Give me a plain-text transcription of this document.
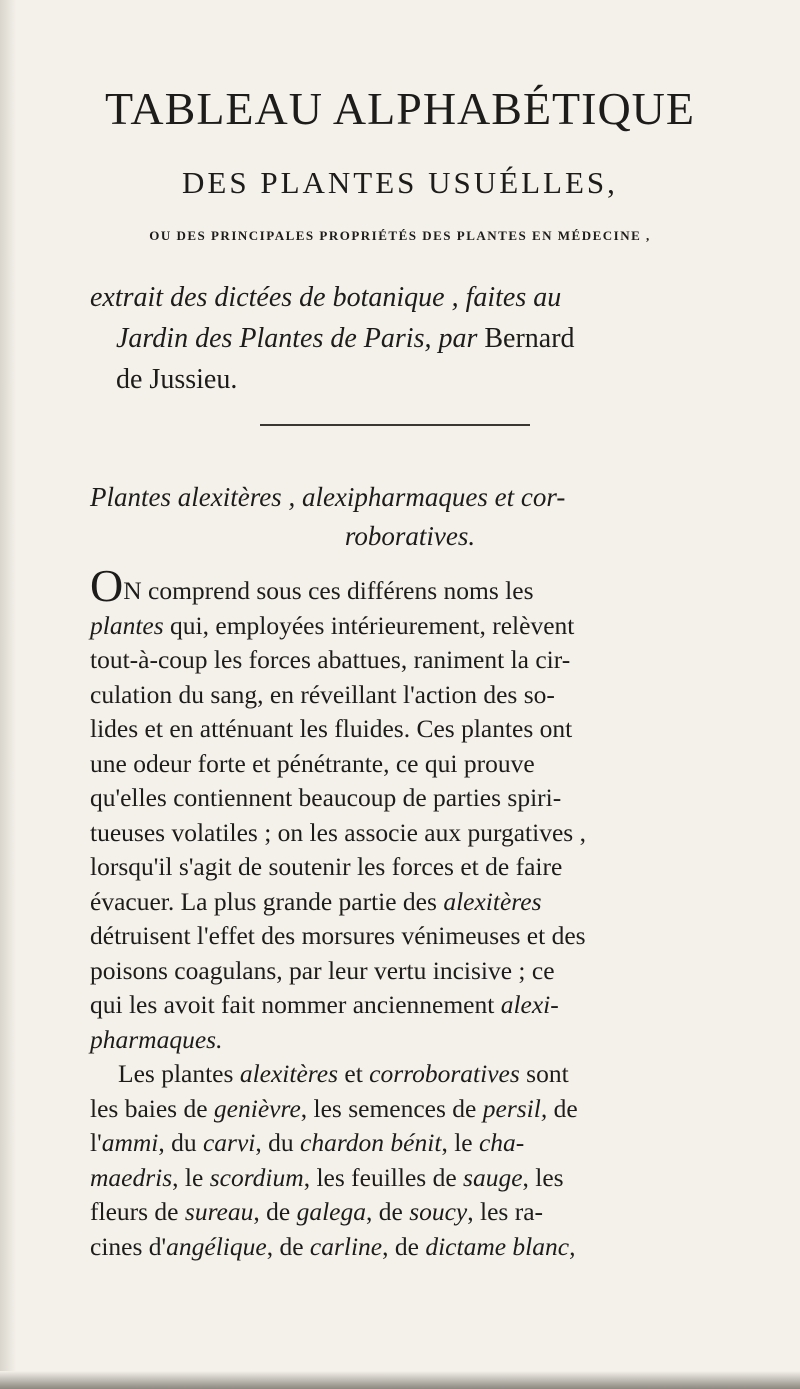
TABLEAU ALPHABÉTIQUE
DES PLANTES USUÉLLES,

OU DES PRINCIPALES PROPRIÉTÉS DES PLANTES EN MÉDECINE ,

extrait des dictées de botanique , faites au
Jardin des Plantes de Paris, par Bernard
de Jussieu.

Plantes alexitères , alexipharmaques et cor-
roboratives.
ON comprend sous ces différens noms les
plantes qui, employées intérieurement, relèvent
tout-à-coup les forces abattues, raniment la cir-
culation du sang, en réveillant l'action des so-
lides et en atténuant les fluides. Ces plantes ont
une odeur forte et pénétrante, ce qui prouve
qu'elles contiennent beaucoup de parties spiri-
tueuses volatiles ; on les associe aux purgatives ,
lorsqu'il s'agit de soutenir les forces et de faire
évacuer. La plus grande partie des alexitères
détruisent l'effet des morsures vénimeuses et des
poisons coagulans, par leur vertu incisive ; ce
qui les avoit fait nommer anciennement alexi-
pharmaques.
Les plantes alexitères et corroboratives sont
les baies de genièvre, les semences de persil, de
l'ammi, du carvi, du chardon bénit, le cha-
maedris, le scordium, les feuilles de sauge, les
fleurs de sureau, de galega, de soucy, les ra-
cines d'angélique, de carline, de dictame blanc,
